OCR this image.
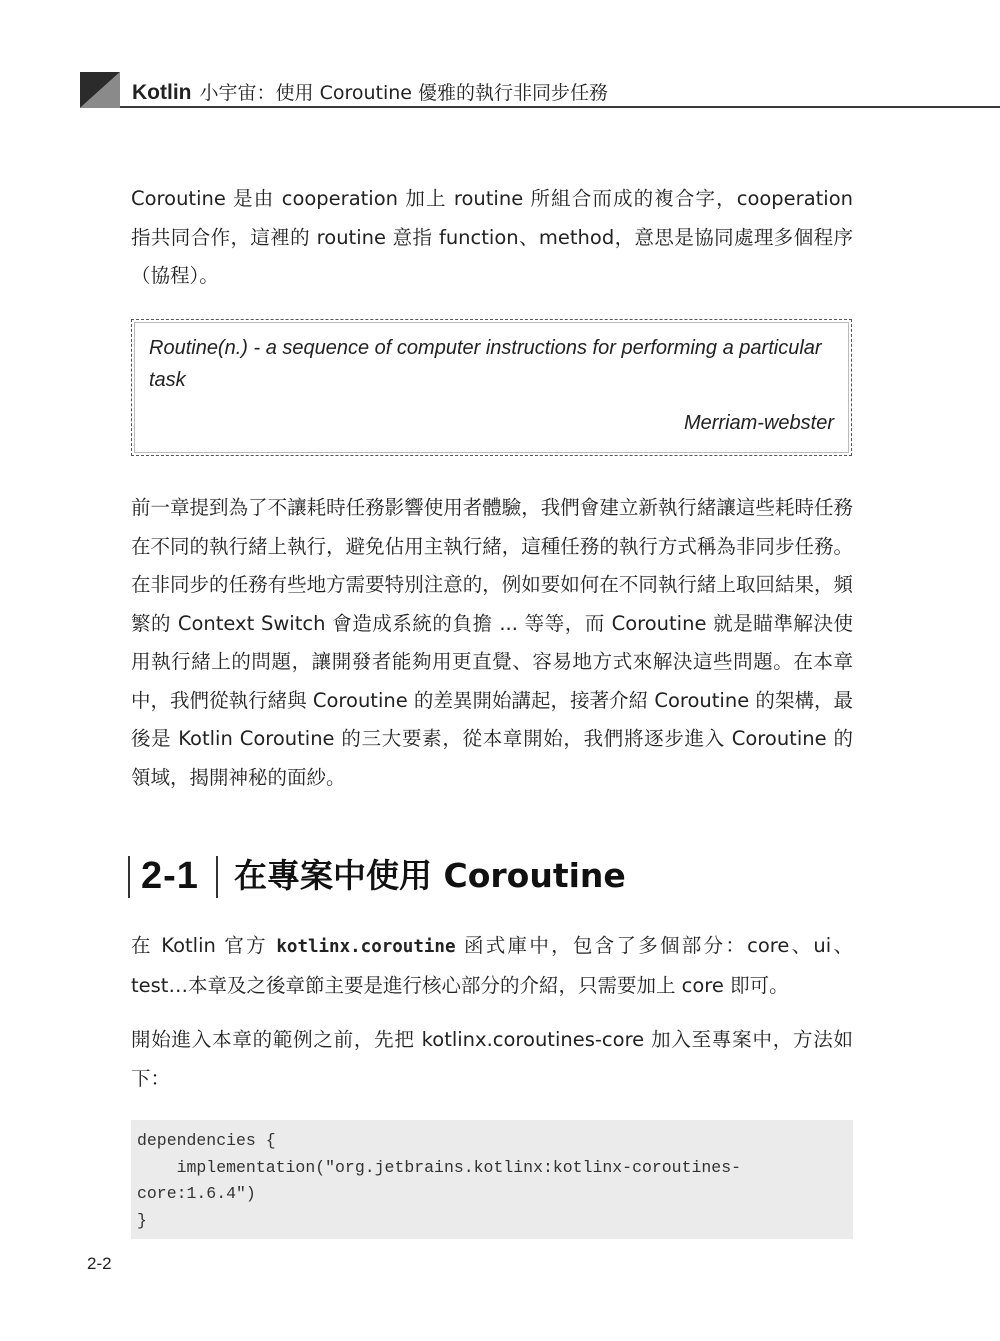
Kotlin 小宇宙：使用 Coroutine 優雅的執行非同步任務

Coroutine 是由 cooperation 加上 routine 所組合而成的複合字，cooperation 指共同合作，這裡的 routine 意指 function、method，意思是協同處理多個程序（協程）。

Routine(n.) - a sequence of computer instructions for performing a particular task

Merriam-webster

前一章提到為了不讓耗時任務影響使用者體驗，我們會建立新執行緒讓這些耗時任務在不同的執行緒上執行，避免佔用主執行緒，這種任務的執行方式稱為非同步任務。在非同步的任務有些地方需要特別注意的，例如要如何在不同執行緒上取回結果，頻繁的 Context Switch 會造成系統的負擔 ... 等等，而 Coroutine 就是瞄準解決使用執行緒上的問題，讓開發者能夠用更直覺、容易地方式來解決這些問題。在本章中，我們從執行緒與 Coroutine 的差異開始講起，接著介紹 Coroutine 的架構，最後是 Kotlin Coroutine 的三大要素，從本章開始，我們將逐步進入 Coroutine 的領域，揭開神秘的面紗。

2-1 在專案中使用 Coroutine

在 Kotlin 官方 kotlinx.coroutine 函式庫中，包含了多個部分：core、ui、test…本章及之後章節主要是進行核心部分的介紹，只需要加上 core 即可。

開始進入本章的範例之前，先把 kotlinx.coroutines-core 加入至專案中，方法如下：

dependencies {
implementation("org.jetbrains.kotlinx:kotlinx-coroutines-
core:1.6.4")
}
2-2
